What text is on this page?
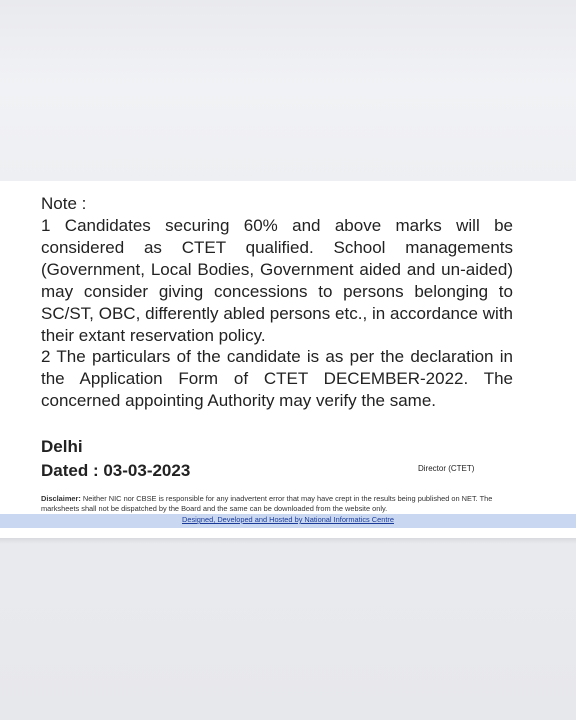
Note :

1 Candidates securing 60% and above marks will be considered as CTET qualified. School managements (Government, Local Bodies, Government aided and un-aided) may consider giving concessions to persons belonging to SC/ST, OBC, differently abled persons etc., in accordance with their extant reservation policy.

2 The particulars of the candidate is as per the declaration in the Application Form of CTET DECEMBER-2022. The concerned appointing Authority may verify the same.

Delhi
Dated : 03-03-2023	Director (CTET)

Disclaimer: Neither NIC nor CBSE is responsible for any inadvertent error that may have crept in the results being published on NET. The marksheets shall not be dispatched by the Board and the same can be downloaded from the website only.

Designed, Developed and Hosted by National Informatics Centre
